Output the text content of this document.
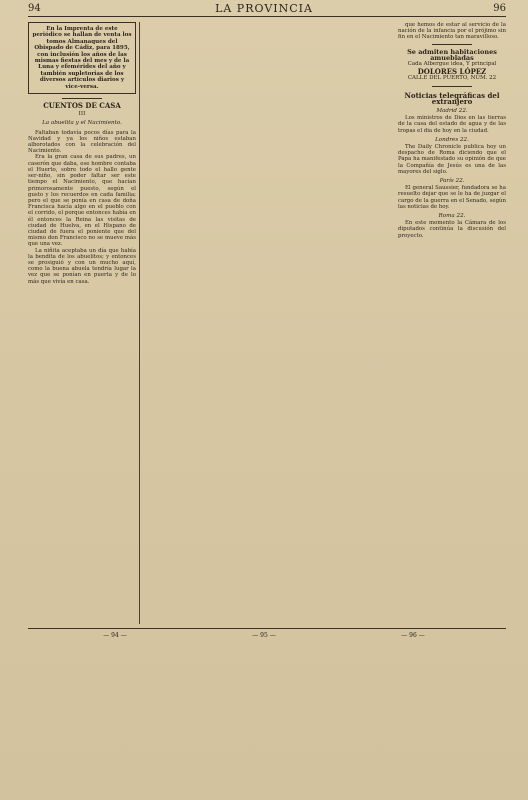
94	LA PROVINCIA	96
En la Imprenta de este periódico se hallan de venta los tomos Almanaques del Obispado de Cádiz, para 1895, con inclusión los años de las mismas fiestas del mes y de la Luna y efemérides del año y también supletorias de los diversos artículos diarios y vice-versa.
CUENTOS DE CASA
III
La abuelita y el Nacimiento.

Faltaban todavía pocos días para la Navidad y ya los niños estaban alborotados con la celebración del Nacimiento.

Era la gran casa de sus padres, un caserón que daba, ese hombre contaba el Huerto, sobre todo el hallo gente ser-niño, sin poder faltar ser este tiempo el Nacimiento, que hacían primorosamente puesto, según el gusto y los recuerdos en cada familia; pero el que se ponía en casa de doña Francisca hacía algo en el pueblo con el corrido, el porque entonces había en él entonces la Reina las visitas de ciudad de Huelva, en el Hispano de ciudad de fuera el poniente que del mismo don Francisco no se mueve más que una vez.

La niñita aceptaba un día que había la bendita de los abuelitos; y entonces se prosiguió y con un mucho aquí, como la buena abuela tendría lugar la vez que se ponían en puerta y de lo más que vivía en casa.

que hemos de estar al servicio de la nación de la infancia por el prójimo sin fin en el Nacimiento tan maravilloso.

Se admiten habitaciones amuebladas
Cada Albergue idea, Y principal
DOLORES LÓPEZ
CALLE DEL PUERTO, NÚM. 22
Noticias telegráficas del extranjero
Madrid 22.

Los ministros de Dios en las tierras de la casa del estado de agua y de las tropas el dia de hoy en la ciudad.

Londres 22.

The Daily Chronicle publica hoy un despacho de Roma diciendo que el Papa ha manifestado su opinión de que la Compañía de Jesús es una de las mayores del siglo.

París 22.

El general Saussier, fundadora se ha resuelto dejar que se le ha de juzgar el cargo de la guerra en el Senado, según las noticias de hoy.

Roma 22.

En este momento la Cámara de los diputados continúa la discusión del proyecto.

— 94 —	— 95 —	— 96 —
